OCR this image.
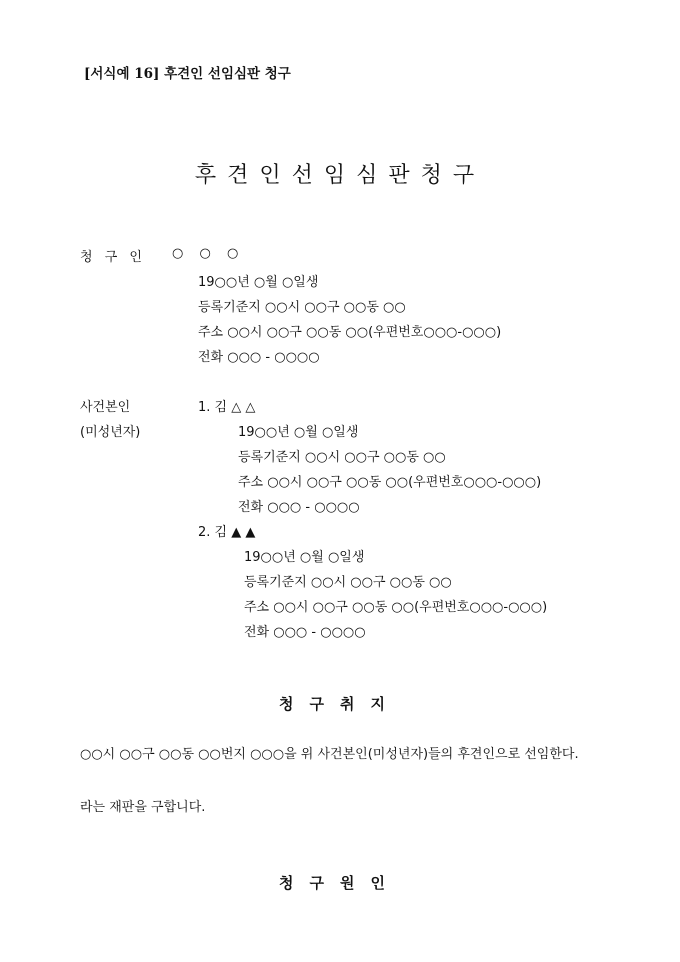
[서식예 16] 후견인 선임심판 청구
후견인선임심판청구
청 구 인 ○ ○ ○
19○○년 ○월 ○일생
등록기준지 ○○시 ○○구 ○○동 ○○
주소 ○○시 ○○구 ○○동 ○○(우편번호○○○-○○○)
전화 ○○○ - ○○○○
사건본인
(미성년자)
1. 김 △ △
19○○년 ○월 ○일생
등록기준지 ○○시 ○○구 ○○동 ○○
주소 ○○시 ○○구 ○○동 ○○(우편번호○○○-○○○)
전화 ○○○ - ○○○○
2. 김 ▲ ▲
19○○년 ○월 ○일생
등록기준지 ○○시 ○○구 ○○동 ○○
주소 ○○시 ○○구 ○○동 ○○(우편번호○○○-○○○)
전화 ○○○ - ○○○○
청구취지
○○시 ○○구 ○○동 ○○번지 ○○○을 위 사건본인(미성년자)들의 후견인으로 선임한다.
라는 재판을 구합니다.
청구원인
